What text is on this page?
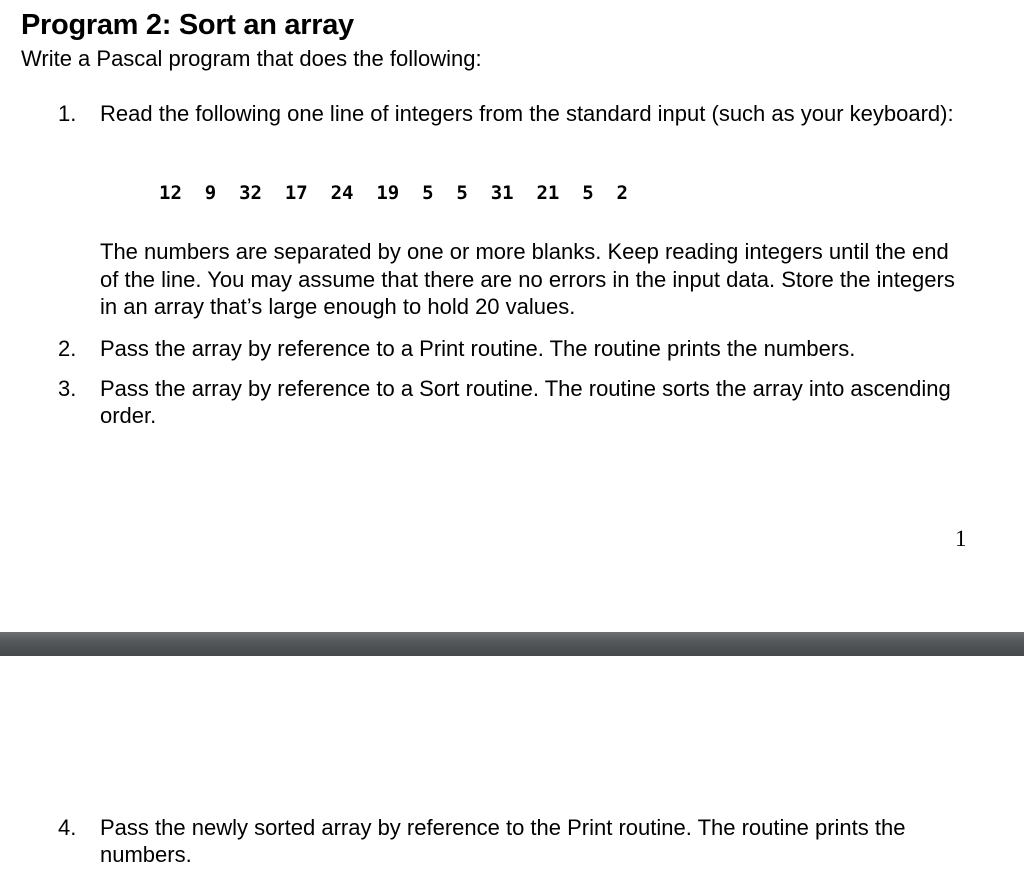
Program 2: Sort an array

Write a Pascal program that does the following:

1. Read the following one line of integers from the standard input (such as your keyboard):
12  9  32  17  24  19  5  5  31  21  5  2

The numbers are separated by one or more blanks. Keep reading integers until the end of the line. You may assume that there are no errors in the input data. Store the integers in an array that’s large enough to hold 20 values.

2. Pass the array by reference to a Print routine. The routine prints the numbers.
3. Pass the array by reference to a Sort routine. The routine sorts the array into ascending order.
1
4. Pass the newly sorted array by reference to the Print routine. The routine prints the numbers.
